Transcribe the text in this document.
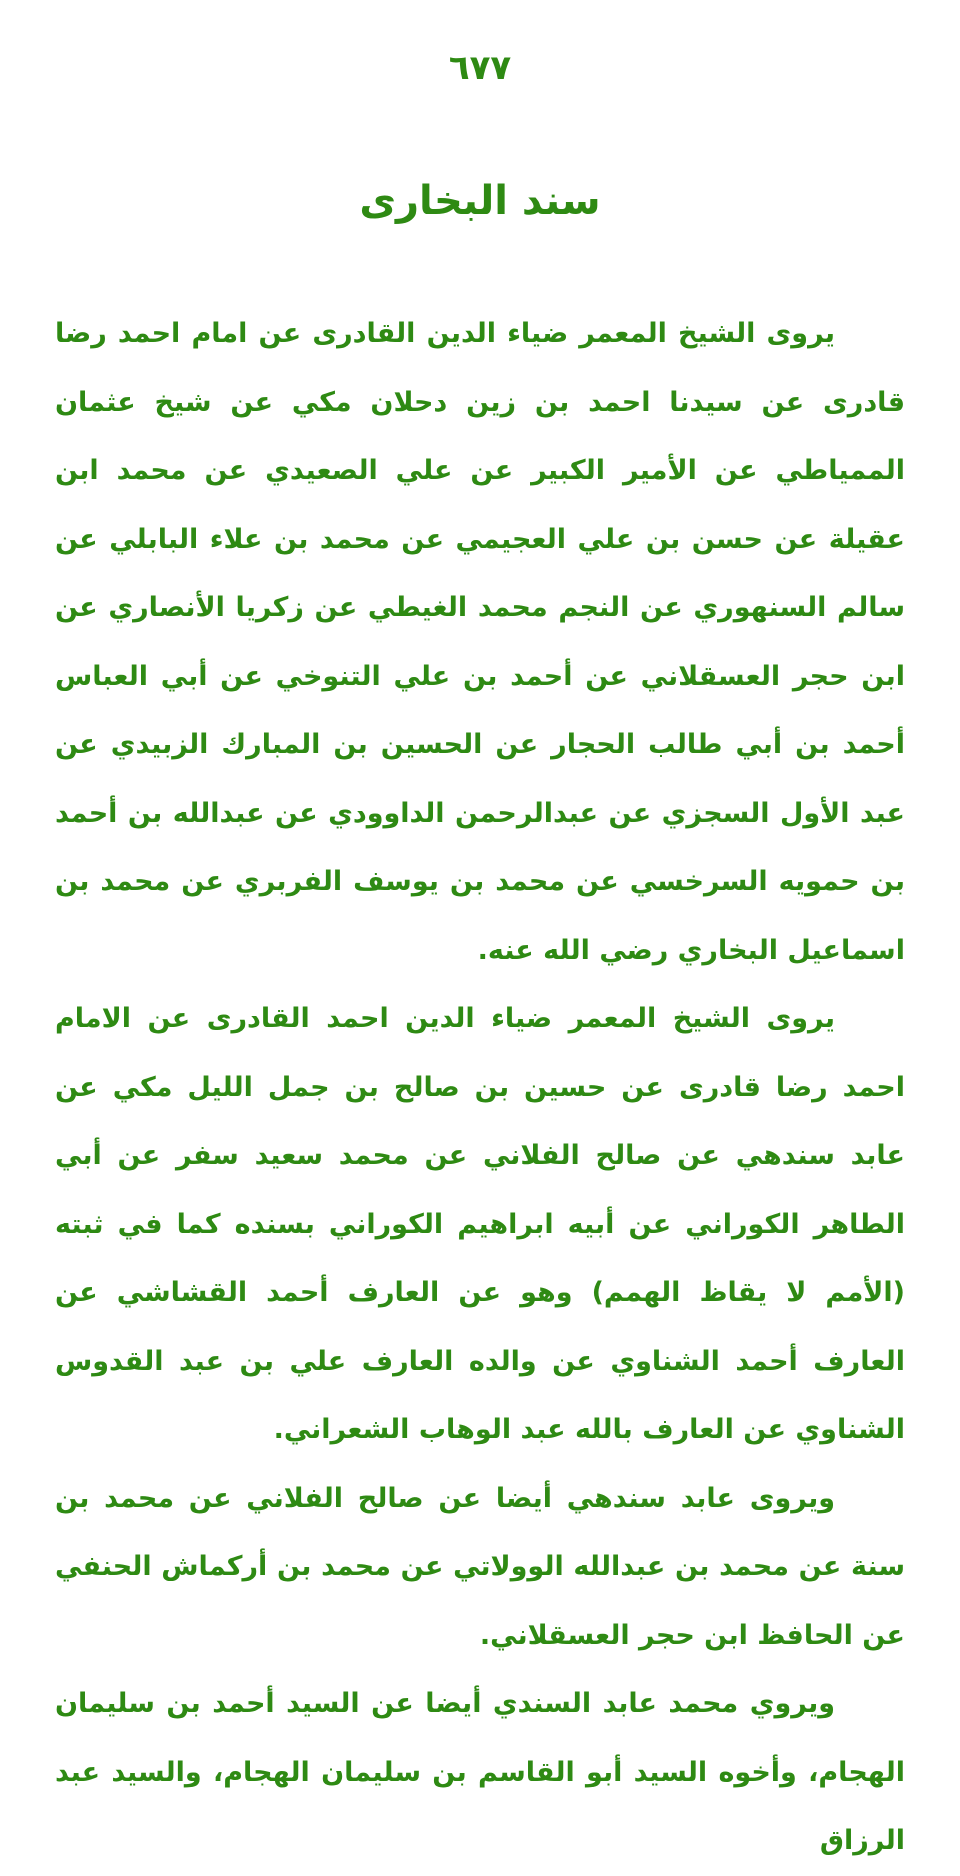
٦٧٧
سند البخارى

يروى الشيخ المعمر ضياء الدين القادرى عن امام احمد رضا قادرى عن سيدنا احمد بن زين دحلان مكي عن شيخ عثمان الممياطي عن الأمير الكبير عن علي الصعيدي عن محمد ابن عقيلة عن حسن بن علي العجيمي عن محمد بن علاء البابلي عن سالم السنهوري عن النجم محمد الغيطي عن زكريا الأنصاري عن ابن حجر العسقلاني عن أحمد بن علي التنوخي عن أبي العباس أحمد بن أبي طالب الحجار عن الحسين بن المبارك الزبيدي عن عبد الأول السجزي عن عبدالرحمن الداوودي عن عبدالله بن أحمد بن حمويه السرخسي عن محمد بن يوسف الفربري عن محمد بن اسماعيل البخاري رضي الله عنه.

يروى الشيخ المعمر ضياء الدين احمد القادرى عن الامام احمد رضا قادرى عن حسين بن صالح بن جمل الليل مكي عن عابد سندهي عن صالح الفلاني عن محمد سعيد سفر عن أبي الطاهر الكوراني عن أبيه ابراهيم الكوراني بسنده كما في ثبته (الأمم لا يقاظ الهمم) وهو عن العارف أحمد القشاشي عن العارف أحمد الشناوي عن والده العارف علي بن عبد القدوس الشناوي عن العارف بالله عبد الوهاب الشعراني.

ويروى عابد سندهي أيضا عن صالح الفلاني عن محمد بن سنة عن محمد بن عبدالله الوولاتي عن محمد بن أركماش الحنفي عن الحافظ ابن حجر العسقلاني.

ويروي محمد عابد السندي أيضا عن السيد أحمد بن سليمان الهجام، وأخوه السيد أبو القاسم بن سليمان الهجام، والسيد عبد الرزاق
